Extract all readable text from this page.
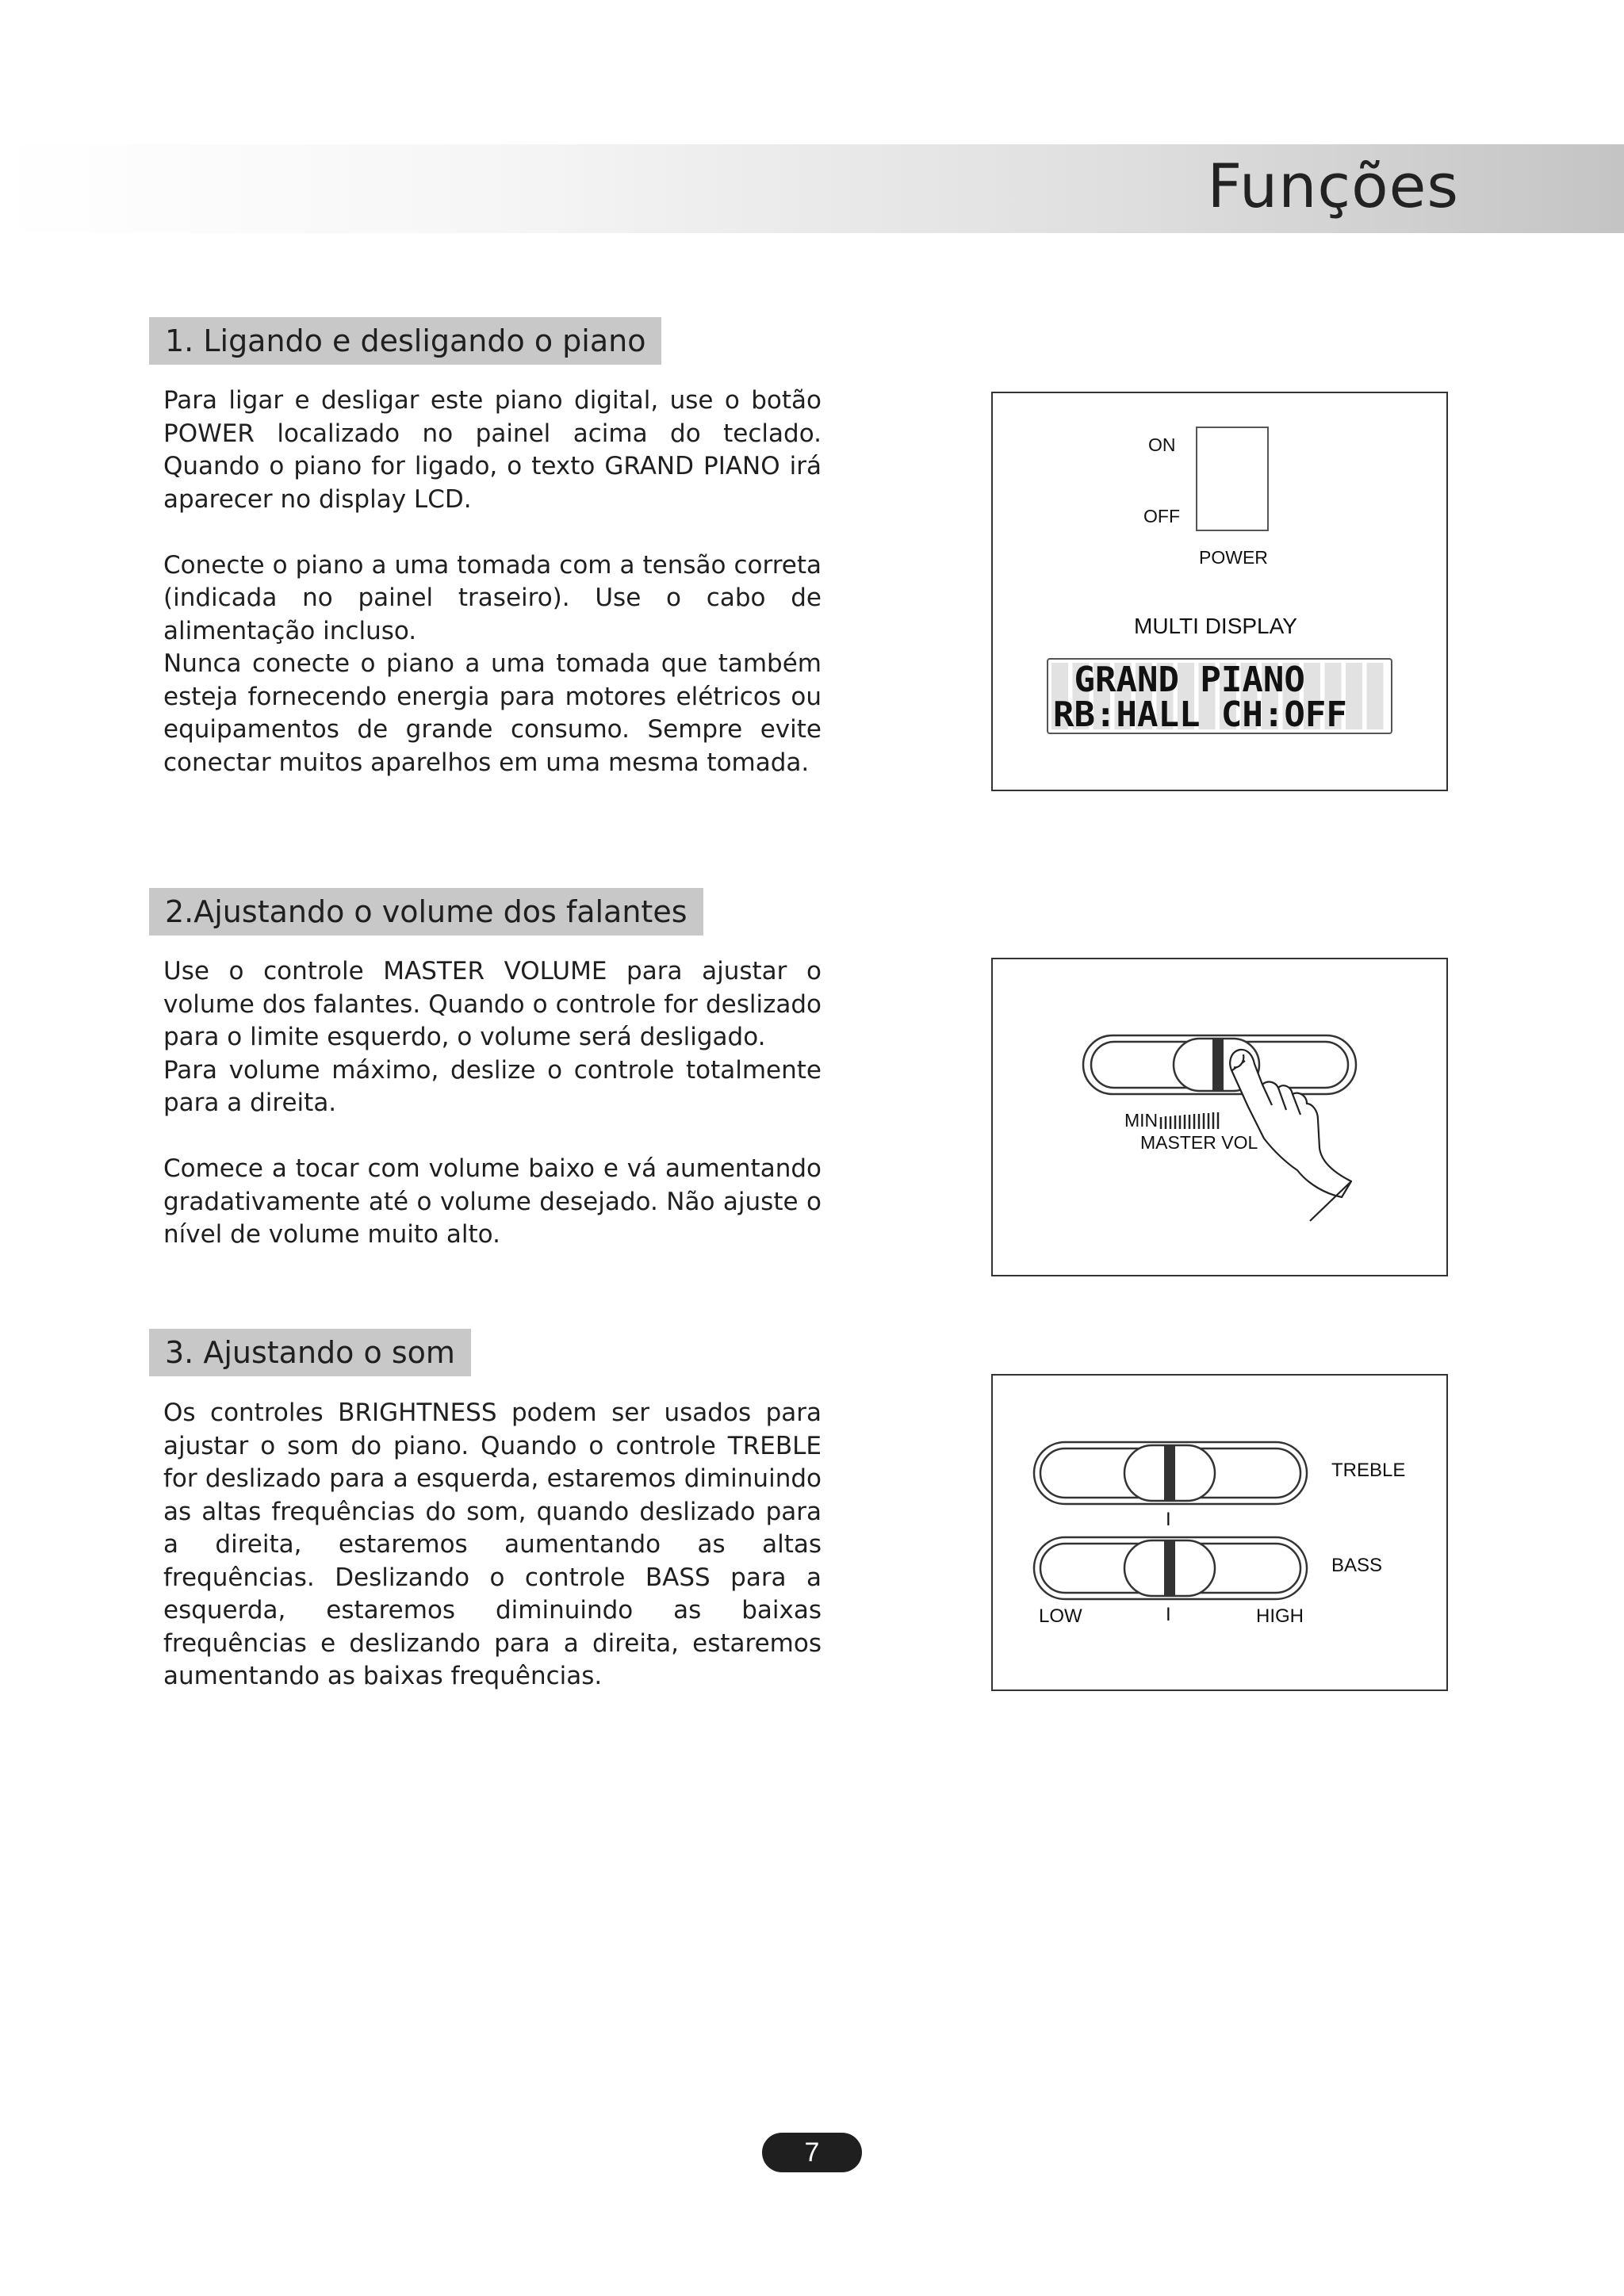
Funções
1. Ligando e desligando o piano

Para ligar e desligar este piano digital, use o botão POWER localizado no painel acima do teclado. Quando o piano for ligado, o texto GRAND PIANO irá aparecer no display LCD.

Conecte o piano a uma tomada com a tensão correta (indicada no painel traseiro). Use o cabo de alimentação incluso.

Nunca conecte o piano a uma tomada que também esteja fornecendo energia para motores elétricos ou equipamentos de grande consumo. Sempre evite conectar muitos aparelhos em uma mesma tomada.

ON
OFF
POWER
MULTI DISPLAY
GRAND PIANO
RB:HALL CH:OFF
2.Ajustando o volume dos falantes

Use o controle MASTER VOLUME para ajustar o volume dos falantes. Quando o controle for deslizado para o limite esquerdo, o volume será desligado.

Para volume máximo, deslize o controle totalmente para a direita.

Comece a tocar com volume baixo e vá aumentando gradativamente até o volume desejado. Não ajuste o nível de volume muito alto.

MIN
MASTER VOL
3. Ajustando o som

Os controles BRIGHTNESS podem ser usados para ajustar o som do piano. Quando o controle TREBLE for deslizado para a esquerda, estaremos diminuindo as altas frequências do som, quando deslizado para a direita, estaremos aumentando as altas frequências. Deslizando o controle BASS para a esquerda, estaremos diminuindo as baixas frequências e deslizando para a direita, estaremos aumentando as baixas frequências.

TREBLE
BASS
I
I
LOW	HIGH
7
